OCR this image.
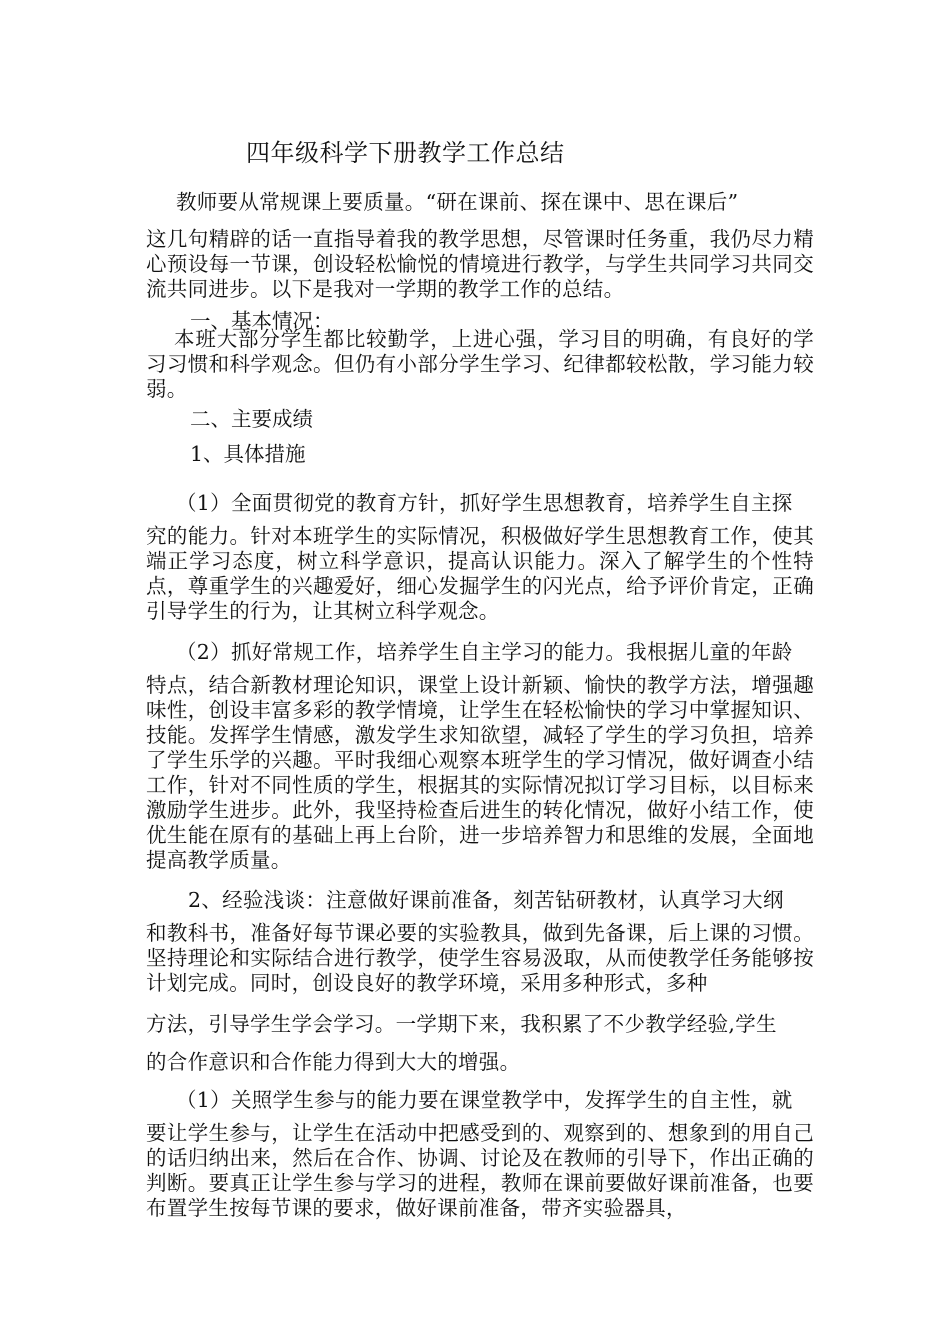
四年级科学下册教学工作总结
教师要从常规课上要质量。“研在课前、探在课中、思在课后”
这几句精辟的话一直指导着我的教学思想，尽管课时任务重，我仍尽力精心预设每一节课，创设轻松愉悦的情境进行教学，与学生共同学习共同交流共同进步。以下是我对一学期的教学工作的总结。
一、基本情况：
本班大部分学生都比较勤学，上进心强，学习目的明确，有良好的学习习惯和科学观念。但仍有小部分学生学习、纪律都较松散，学习能力较弱。
二、主要成绩
1、具体措施
（1）全面贯彻党的教育方针，抓好学生思想教育，培养学生自主探
究的能力。针对本班学生的实际情况，积极做好学生思想教育工作，使其端正学习态度，树立科学意识，提高认识能力。深入了解学生的个性特点，尊重学生的兴趣爱好，细心发掘学生的闪光点，给予评价肯定，正确引导学生的行为，让其树立科学观念。
（2）抓好常规工作，培养学生自主学习的能力。我根据儿童的年龄
特点，结合新教材理论知识，课堂上设计新颖、愉快的教学方法，增强趣味性，创设丰富多彩的教学情境，让学生在轻松愉快的学习中掌握知识、技能。发挥学生情感，激发学生求知欲望，减轻了学生的学习负担，培养了学生乐学的兴趣。平时我细心观察本班学生的学习情况，做好调查小结工作，针对不同性质的学生，根据其的实际情况拟订学习目标，以目标来激励学生进步。此外，我坚持检查后进生的转化情况，做好小结工作，使优生能在原有的基础上再上台阶，进一步培养智力和思维的发展，全面地提高教学质量。
2、经验浅谈：注意做好课前准备，刻苦钻研教材，认真学习大纲
和教科书，准备好每节课必要的实验教具，做到先备课，后上课的习惯。坚持理论和实际结合进行教学，使学生容易汲取，从而使教学任务能够按计划完成。同时，创设良好的教学环境，采用多种形式，多种
方法，引导学生学会学习。一学期下来，我积累了不少教学经验,学生
的合作意识和合作能力得到大大的增强。
（1）关照学生参与的能力要在课堂教学中，发挥学生的自主性，就
要让学生参与，让学生在活动中把感受到的、观察到的、想象到的用自己的话归纳出来，然后在合作、协调、讨论及在教师的引导下，作出正确的判断。要真正让学生参与学习的进程，教师在课前要做好课前准备，也要布置学生按每节课的要求，做好课前准备，带齐实验器具，
